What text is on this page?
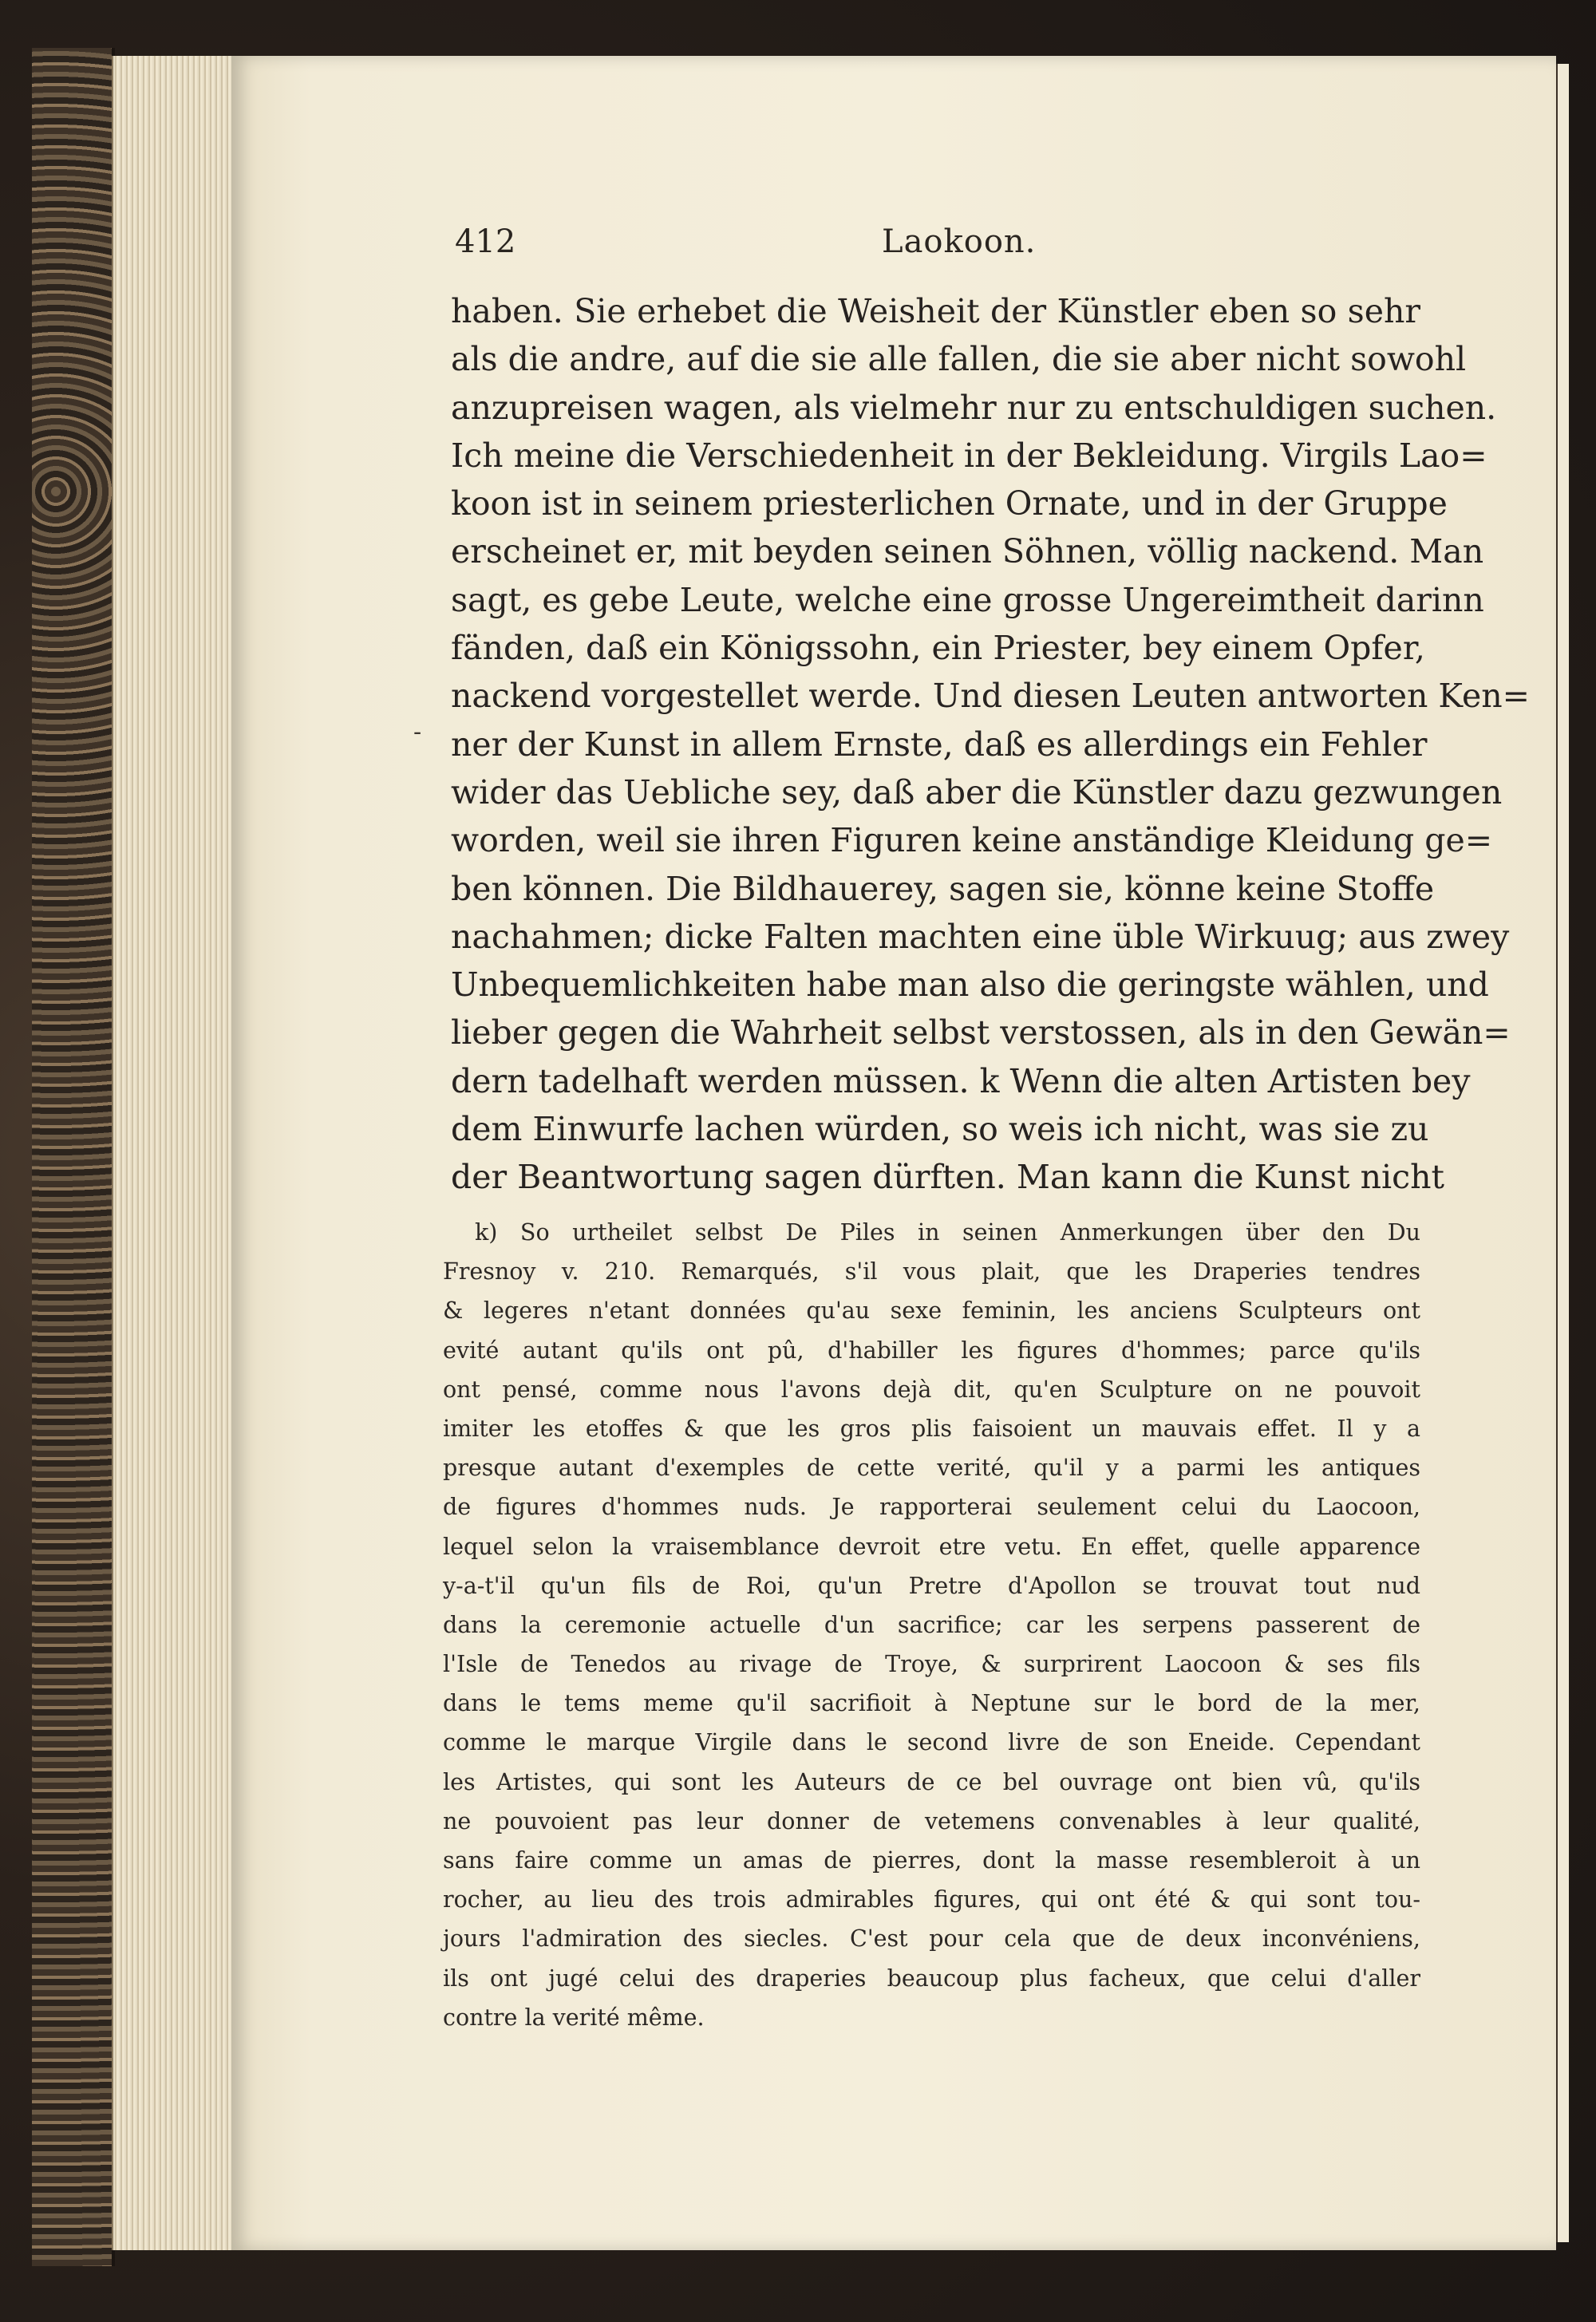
412	Laokoon.
-
haben. Sie erhebet die Weisheit der Künstler eben so sehr
als die andre, auf die sie alle fallen, die sie aber nicht sowohl
anzupreisen wagen, als vielmehr nur zu entschuldigen suchen.
Ich meine die Verschiedenheit in der Bekleidung. Virgils Lao=
koon ist in seinem priesterlichen Ornate, und in der Gruppe
erscheinet er, mit beyden seinen Söhnen, völlig nackend. Man
sagt, es gebe Leute, welche eine grosse Ungereimtheit darinn
fänden, daß ein Königssohn, ein Priester, bey einem Opfer,
nackend vorgestellet werde. Und diesen Leuten antworten Ken=
ner der Kunst in allem Ernste, daß es allerdings ein Fehler
wider das Uebliche sey, daß aber die Künstler dazu gezwungen
worden, weil sie ihren Figuren keine anständige Kleidung ge=
ben können. Die Bildhauerey, sagen sie, könne keine Stoffe
nachahmen; dicke Falten machten eine üble Wirkuug; aus zwey
Unbequemlichkeiten habe man also die geringste wählen, und
lieber gegen die Wahrheit selbst verstossen, als in den Gewän=
dern tadelhaft werden müssen. k Wenn die alten Artisten bey
dem Einwurfe lachen würden, so weis ich nicht, was sie zu
der Beantwortung sagen dürften. Man kann die Kunst nicht
k) So urtheilet selbst De Piles in seinen Anmerkungen über den Du
Fresnoy v. 210. Remarqués, s'il vous plait, que les Draperies tendres
& legeres n'etant données qu'au sexe feminin, les anciens Sculpteurs ont
evité autant qu'ils ont pû, d'habiller les figures d'hommes; parce qu'ils
ont pensé, comme nous l'avons dejà dit, qu'en Sculpture on ne pouvoit
imiter les etoffes & que les gros plis faisoient un mauvais effet. Il y a
presque autant d'exemples de cette verité, qu'il y a parmi les antiques
de figures d'hommes nuds. Je rapporterai seulement celui du Laocoon,
lequel selon la vraisemblance devroit etre vetu. En effet, quelle apparence
y-a-t'il qu'un fils de Roi, qu'un Pretre d'Apollon se trouvat tout nud
dans la ceremonie actuelle d'un sacrifice; car les serpens passerent de
l'Isle de Tenedos au rivage de Troye, & surprirent Laocoon & ses fils
dans le tems meme qu'il sacrifioit à Neptune sur le bord de la mer,
comme le marque Virgile dans le second livre de son Eneide. Cependant
les Artistes, qui sont les Auteurs de ce bel ouvrage ont bien vû, qu'ils
ne pouvoient pas leur donner de vetemens convenables à leur qualité,
sans faire comme un amas de pierres, dont la masse resembleroit à un
rocher, au lieu des trois admirables figures, qui ont été & qui sont tou-
jours l'admiration des siecles. C'est pour cela que de deux inconvéniens,
ils ont jugé celui des draperies beaucoup plus facheux, que celui d'aller
contre la verité même.
